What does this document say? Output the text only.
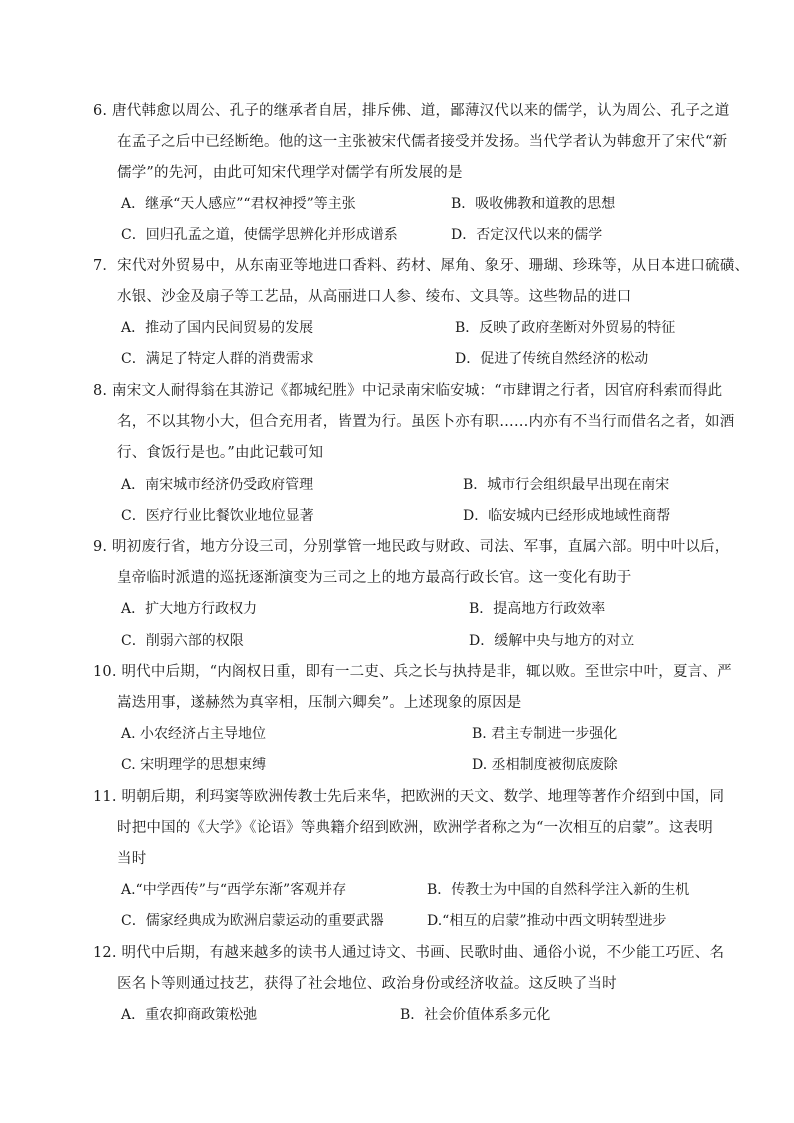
6. 唐代韩愈以周公、孔子的继承者自居，排斥佛、道，鄙薄汉代以来的儒学，认为周公、孔子之道
在孟子之后中已经断绝。他的这一主张被宋代儒者接受并发扬。当代学者认为韩愈开了宋代“新
儒学”的先河，由此可知宋代理学对儒学有所发展的是
A．继承“天人感应”“君权神授”等主张	B．吸收佛教和道教的思想
C．回归孔孟之道，使儒学思辨化并形成谱系	D．否定汉代以来的儒学
7．宋代对外贸易中，从东南亚等地进口香料、药材、犀角、象牙、珊瑚、珍珠等，从日本进口硫磺、
水银、沙金及扇子等工艺品，从高丽进口人参、绫布、文具等。这些物品的进口
A．推动了国内民间贸易的发展	B．反映了政府垄断对外贸易的特征
C．满足了特定人群的消费需求	D．促进了传统自然经济的松动
8. 南宋文人耐得翁在其游记《都城纪胜》中记录南宋临安城：“市肆谓之行者，因官府科索而得此
名，不以其物小大，但合充用者，皆置为行。虽医卜亦有职……内亦有不当行而借名之者，如酒
行、食饭行是也。”由此记载可知
A．南宋城市经济仍受政府管理	B．城市行会组织最早出现在南宋
C．医疗行业比餐饮业地位显著	D．临安城内已经形成地域性商帮
9. 明初废行省，地方分设三司，分别掌管一地民政与财政、司法、军事，直属六部。明中叶以后，
皇帝临时派遣的巡抚逐渐演变为三司之上的地方最高行政长官。这一变化有助于
A．扩大地方行政权力	B．提高地方行政效率
C．削弱六部的权限	D．缓解中央与地方的对立
10. 明代中后期，“内阁权日重，即有一二吏、兵之长与执持是非，辄以败。至世宗中叶，夏言、严
嵩迭用事，遂赫然为真宰相，压制六卿矣”。上述现象的原因是
A. 小农经济占主导地位	B. 君主专制进一步强化
C. 宋明理学的思想束缚	D. 丞相制度被彻底废除
11. 明朝后期，利玛窦等欧洲传教士先后来华，把欧洲的天文、数学、地理等著作介绍到中国，同
时把中国的《大学》《论语》等典籍介绍到欧洲，欧洲学者称之为“一次相互的启蒙”。这表明
当时
A.“中学西传”与“西学东渐”客观并存	B．传教士为中国的自然科学注入新的生机
C．儒家经典成为欧洲启蒙运动的重要武器	D.“相互的启蒙”推动中西文明转型进步
12. 明代中后期，有越来越多的读书人通过诗文、书画、民歌时曲、通俗小说，不少能工巧匠、名
医名卜等则通过技艺，获得了社会地位、政治身份或经济收益。这反映了当时
A．重农抑商政策松弛	B．社会价值体系多元化
